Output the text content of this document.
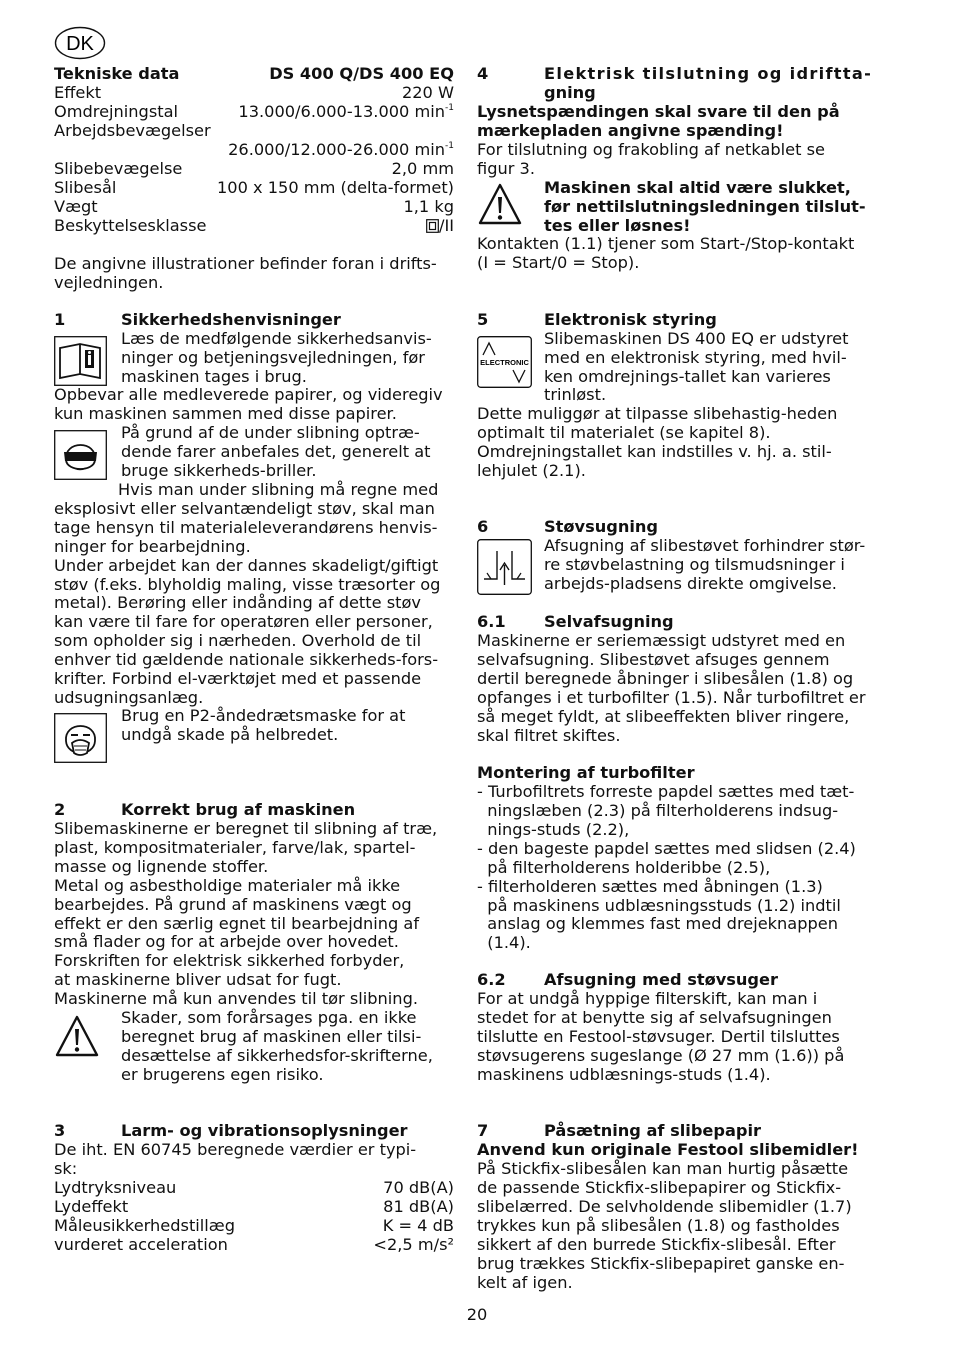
DK
Tekniske data	DS 400 Q/DS 400 EQ
Effekt	220 W
Omdrejningstal	13.000/6.000-13.000 $\min^{-1}$
Arbejdsbevægelser
26.000/12.000-26.000 $\min^{-1}$
Slibebevægelse	2,0 mm
Slibesål	100 x 150 mm (delta-formet)
Vægt	1,1 kg
Beskyttelsesklasse	/II
De angivne illustrationer befinder foran i drifts-
vejledningen.
1	Sikkerhedshenvisninger
Læs de medfølgende sikkerhedsanvis-
ninger og betjeningsvejledningen, før
maskinen tages i brug.
Opbevar alle medleverede papirer, og videregiv
kun maskinen sammen med disse papirer.
På grund af de under slibning optræ-
dende farer anbefales det, generelt at
bruge sikkerheds-briller.
Hvis man under slibning må regne med
eksplosivt eller selvantændeligt støv, skal man
tage hensyn til materialeleverandørens henvis-
ninger for bearbejdning.
Under arbejdet kan der dannes skadeligt/giftigt
støv (f.eks. blyholdig maling, visse træsorter og
metal). Berøring eller indånding af dette støv
kan være til fare for operatøren eller personer,
som opholder sig i nærheden. Overhold de til
enhver tid gældende nationale sikkerheds-fors-
krifter. Forbind el-værktøjet med et passende
udsugningsanlæg.
Brug en P2-åndedrætsmaske for at
undgå skade på helbredet.
2	Korrekt brug af maskinen
Slibemaskinerne er beregnet til slibning af træ,
plast, kompositmaterialer, farve/lak, spartel-
masse og lignende stoffer.
Metal og asbestholdige materialer må ikke
bearbejdes. På grund af maskinens vægt og
effekt er den særlig egnet til bearbejdning af
små flader og for at arbejde over hovedet.
Forskriften for elektrisk sikkerhed forbyder,
at maskinerne bliver udsat for fugt.
Maskinerne må kun anvendes til tør slibning.
Skader, som forårsages pga. en ikke
beregnet brug af maskinen eller tilsi-
desættelse af sikkerhedsfor-skrifterne,
er brugerens egen risiko.
3	Larm- og vibrationsoplysninger
De iht. EN 60745 beregnede værdier er typi-
sk:
Lydtryksniveau	70 dB(A)
Lydeffekt	81 dB(A)
Måleusikkerhedstillæg	K = 4 dB
vurderet acceleration	<2,5 m/s²
4	Elektrisk tilslutning og idriftta-
gning
Lysnetspændingen skal svare til den på
mærkepladen angivne spænding!
For tilslutning og frakobling af netkablet se
figur 3.
Maskinen skal altid være slukket,
før nettilslutningsledningen tilslut-
tes eller løsnes!
Kontakten (1.1) tjener som Start-/Stop-kontakt
(I = Start/0 = Stop).
5	Elektronisk styring
ELECTRONIC
Slibemaskinen DS 400 EQ er udstyret
med en elektronisk styring, med hvil-
ken omdrejnings-tallet kan varieres
trinløst.
Dette muliggør at tilpasse slibehastig-heden
optimalt til materialet (se kapitel 8).
Omdrejningstallet kan indstilles v. hj. a. stil-
lehjulet (2.1).
6	Støvsugning
Afsugning af slibestøvet forhindrer stør-
re støvbelastning og tilsmudsninger i
arbejds-pladsens direkte omgivelse.
6.1 Selvafsugning
Maskinerne er seriemæssigt udstyret med en
selvafsugning. Slibestøvet afsuges gennem
dertil beregnede åbninger i slibesålen (1.8) og
opfanges i et turbofilter (1.5). Når turbofiltret er
så meget fyldt, at slibeeffekten bliver ringere,
skal filtret skiftes.
Montering af turbofilter
- Turbofiltrets forreste papdel sættes med tæt-
ningslæben (2.3) på filterholderens indsug-
nings-studs (2.2),
- den bageste papdel sættes med slidsen (2.4)
på filterholderens holderibbe (2.5),
- filterholderen sættes med åbningen (1.3)
på maskinens udblæsningsstuds (1.2) indtil
anslag og klemmes fast med drejeknappen
(1.4).
6.2 Afsugning med støvsuger
For at undgå hyppige filterskift, kan man i
stedet for at benytte sig af selvafsugningen
tilslutte en Festool-støvsuger. Dertil tilsluttes
støvsugerens sugeslange (Ø 27 mm (1.6)) på
maskinens udblæsnings-studs (1.4).
7	Påsætning af slibepapir
Anvend kun originale Festool slibemidler!
På Stickfix-slibesålen kan man hurtig påsætte
de passende Stickfix-slibepapirer og Stickfix-
slibelærred. De selvholdende slibemidler (1.7)
trykkes kun på slibesålen (1.8) og fastholdes
sikkert af den burrede Stickfix-slibesål. Efter
brug trækkes Stickfix-slibepapiret ganske en-
kelt af igen.
20
